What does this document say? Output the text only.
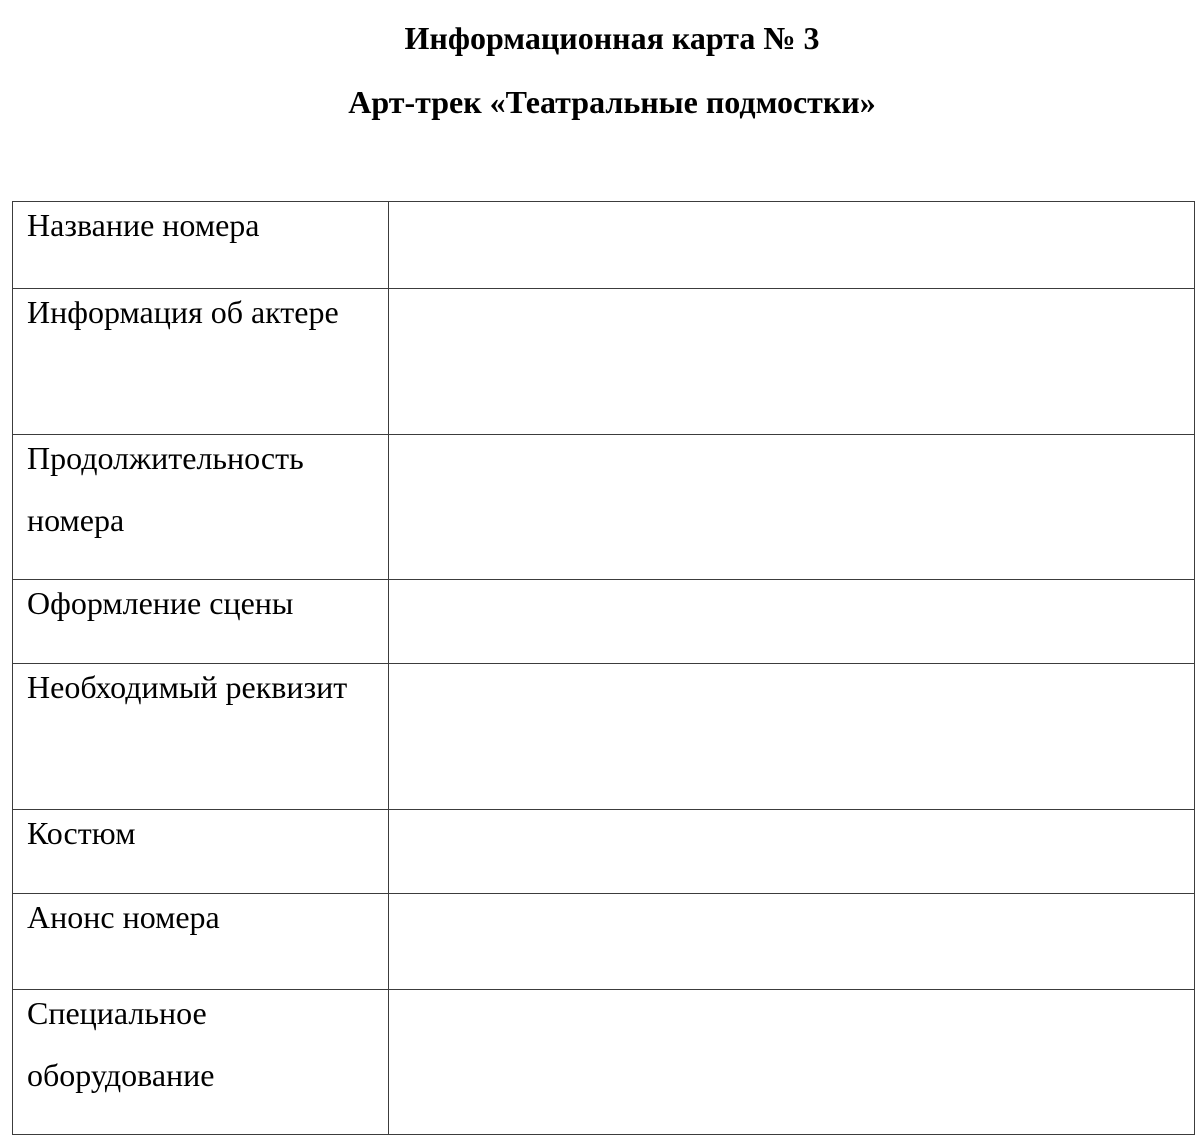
Информационная карта № 3
Арт-трек «Театральные подмостки»
Название номера	

Информация об актере	

Продолжительность номера	

Оформление сцены	

Необходимый реквизит	

Костюм	

Анонс номера	

Специальное оборудование	
